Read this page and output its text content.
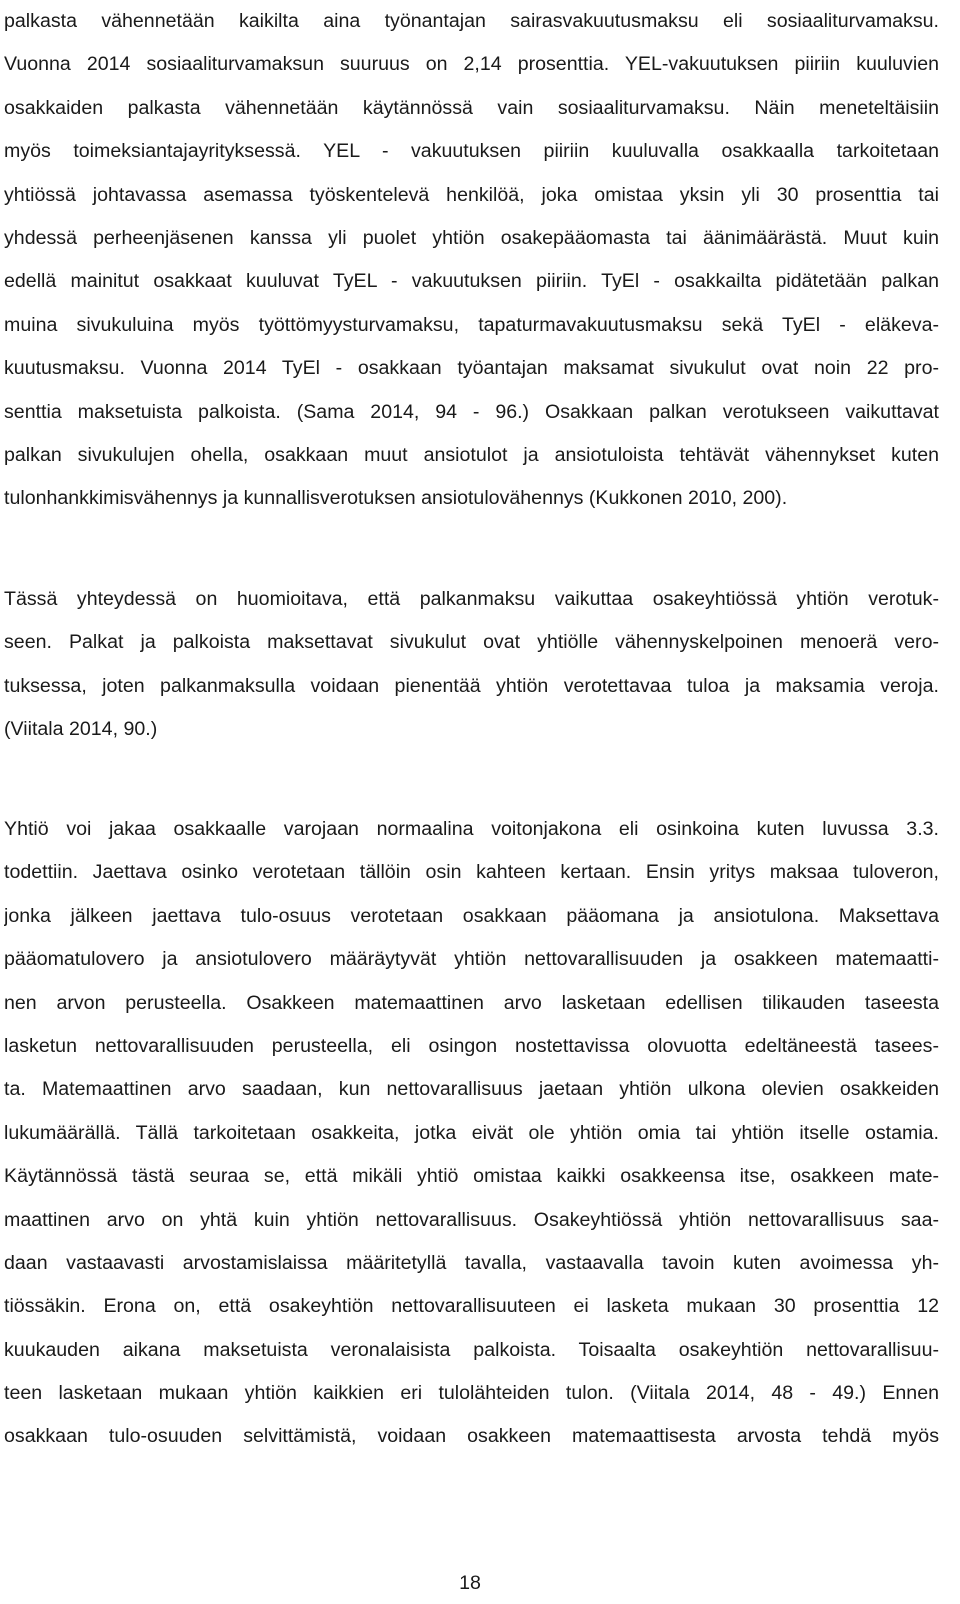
palkasta vähennetään kaikilta aina työnantajan sairasvakuutusmaksu eli sosiaaliturvamaksu.
Vuonna 2014 sosiaaliturvamaksun suuruus on 2,14 prosenttia. YEL-vakuutuksen piiriin kuuluvien
osakkaiden palkasta vähennetään käytännössä vain sosiaaliturvamaksu. Näin meneteltäisiin
myös toimeksiantajayrityksessä. YEL - vakuutuksen piiriin kuuluvalla osakkaalla tarkoitetaan
yhtiössä johtavassa asemassa työskentelevä henkilöä, joka omistaa yksin yli 30 prosenttia tai
yhdessä perheenjäsenen kanssa yli puolet yhtiön osakepääomasta tai äänimäärästä. Muut kuin
edellä mainitut osakkaat kuuluvat TyEL - vakuutuksen piiriin. TyEl - osakkailta pidätetään palkan
muina sivukuluina myös työttömyysturvamaksu, tapaturmavakuutusmaksu sekä TyEl - eläkeva-
kuutusmaksu. Vuonna 2014 TyEl - osakkaan työantajan maksamat sivukulut ovat noin 22 pro-
senttia maksetuista palkoista. (Sama 2014, 94 - 96.) Osakkaan palkan verotukseen vaikuttavat
palkan sivukulujen ohella, osakkaan muut ansiotulot ja ansiotuloista tehtävät vähennykset kuten
tulonhankkimisvähennys ja kunnallisverotuksen ansiotulovähennys (Kukkonen 2010, 200).
Tässä yhteydessä on huomioitava, että palkanmaksu vaikuttaa osakeyhtiössä yhtiön verotuk-
seen. Palkat ja palkoista maksettavat sivukulut ovat yhtiölle vähennyskelpoinen menoerä vero-
tuksessa, joten palkanmaksulla voidaan pienentää yhtiön verotettavaa tuloa ja maksamia veroja.
(Viitala 2014, 90.)
Yhtiö voi jakaa osakkaalle varojaan normaalina voitonjakona eli osinkoina kuten luvussa 3.3.
todettiin. Jaettava osinko verotetaan tällöin osin kahteen kertaan. Ensin yritys maksaa tuloveron,
jonka jälkeen jaettava tulo-osuus verotetaan osakkaan pääomana ja ansiotulona. Maksettava
pääomatulovero ja ansiotulovero määräytyvät yhtiön nettovarallisuuden ja osakkeen matemaatti-
nen arvon perusteella. Osakkeen matemaattinen arvo lasketaan edellisen tilikauden taseesta
lasketun nettovarallisuuden perusteella, eli osingon nostettavissa olovuotta edeltäneestä tasees-
ta. Matemaattinen arvo saadaan, kun nettovarallisuus jaetaan yhtiön ulkona olevien osakkeiden
lukumäärällä. Tällä tarkoitetaan osakkeita, jotka eivät ole yhtiön omia tai yhtiön itselle ostamia.
Käytännössä tästä seuraa se, että mikäli yhtiö omistaa kaikki osakkeensa itse, osakkeen mate-
maattinen arvo on yhtä kuin yhtiön nettovarallisuus. Osakeyhtiössä yhtiön nettovarallisuus saa-
daan vastaavasti arvostamislaissa määritetyllä tavalla, vastaavalla tavoin kuten avoimessa yh-
tiössäkin. Erona on, että osakeyhtiön nettovarallisuuteen ei lasketa mukaan 30 prosenttia 12
kuukauden aikana maksetuista veronalaisista palkoista. Toisaalta osakeyhtiön nettovarallisuu-
teen lasketaan mukaan yhtiön kaikkien eri tulolähteiden tulon. (Viitala 2014, 48 - 49.) Ennen
osakkaan tulo-osuuden selvittämistä, voidaan osakkeen matemaattisesta arvosta tehdä myös
18
